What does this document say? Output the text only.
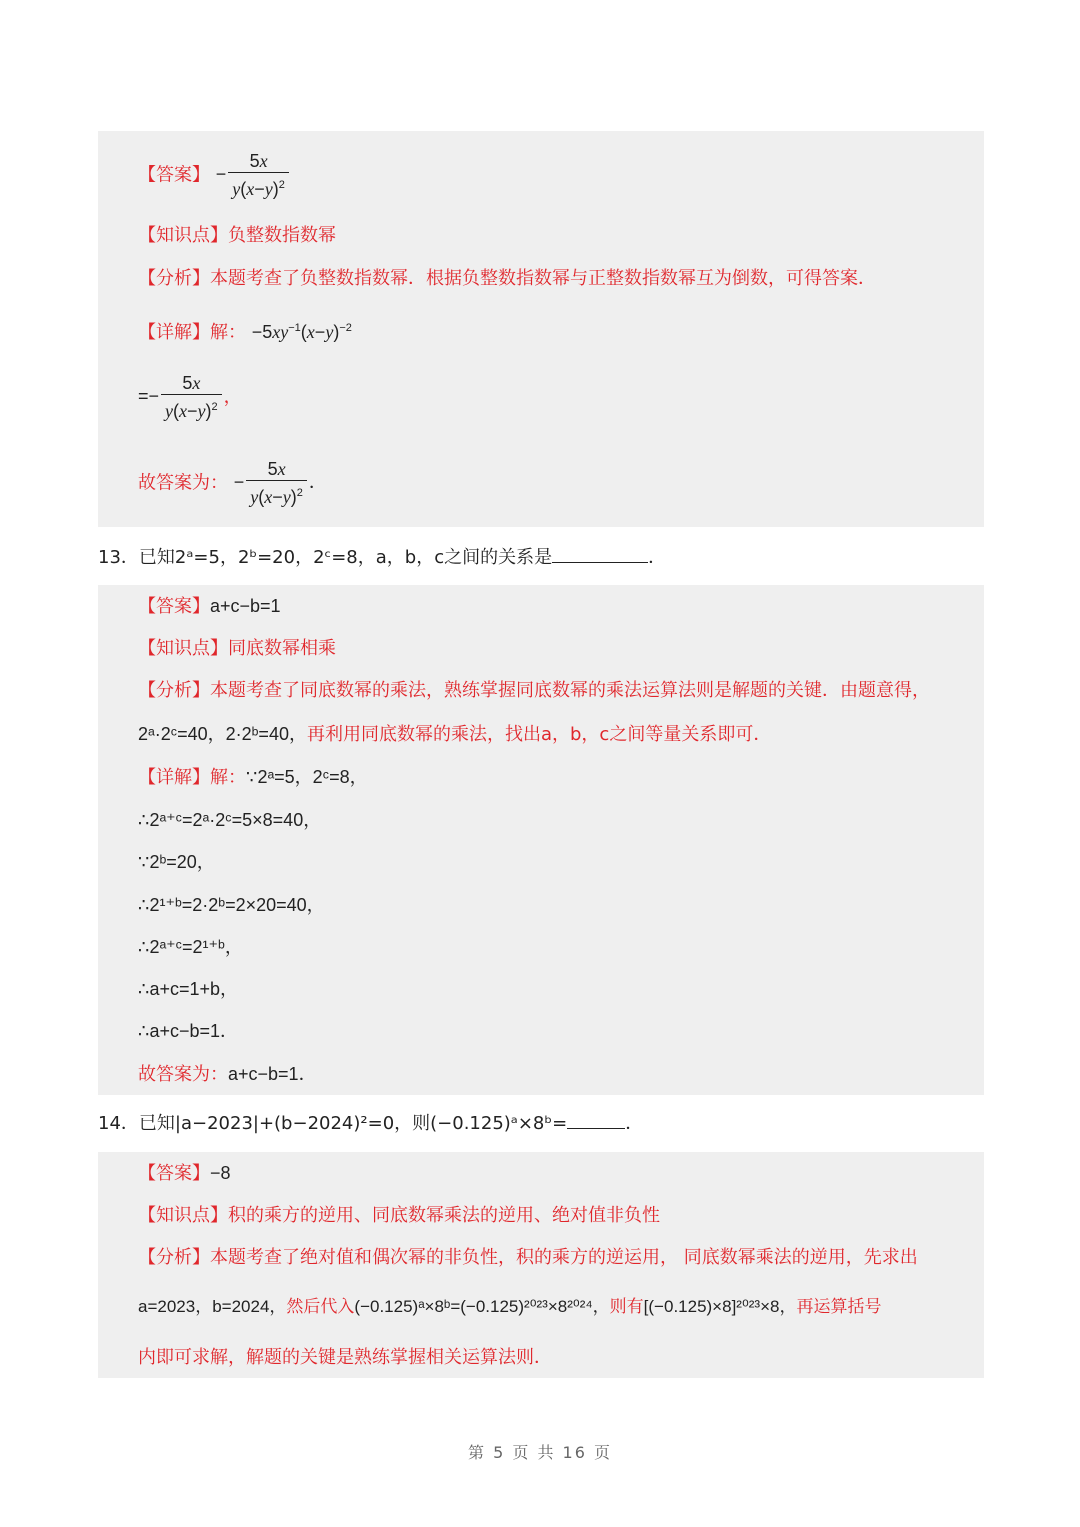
【答案】 − $\frac{5x}{y(x-y)^2}$
【知识点】负整数指数幂
【分析】本题考查了负整数指数幂．根据负整数指数幂与正整数指数幂互为倒数，可得答案．
【详解】解： $-5xy^{-1}(x-y)^{-2}$
=− $\frac{5x}{y(x-y)^2}$ ，
故答案为： − $\frac{5x}{y(x-y)^2}$ ．
13．已知2ᵃ=5，2ᵇ=20，2ᶜ=8，a，b，c之间的关系是	．
【答案】a+c−b=1
【知识点】同底数幂相乘
【分析】本题考查了同底数幂的乘法，熟练掌握同底数幂的乘法运算法则是解题的关键．由题意得，
2ᵃ·2ᶜ=40，2·2ᵇ=40，再利用同底数幂的乘法，找出a，b，c之间等量关系即可．
【详解】解：∵2ᵃ=5，2ᶜ=8，
∴2ᵃ⁺ᶜ=2ᵃ·2ᶜ=5×8=40，
∵2ᵇ=20，
∴2¹⁺ᵇ=2·2ᵇ=2×20=40，
∴2ᵃ⁺ᶜ=2¹⁺ᵇ，
∴a+c=1+b，
∴a+c−b=1．
故答案为：a+c−b=1．
14．已知|a−2023|+(b−2024)²=0，则(−0.125)ᵃ×8ᵇ=	．
【答案】−8
【知识点】积的乘方的逆用、同底数幂乘法的逆用、绝对值非负性
【分析】本题考查了绝对值和偶次幂的非负性，积的乘方的逆运用， 同底数幂乘法的逆用，先求出
a=2023，b=2024，然后代入(−0.125)ᵃ×8ᵇ=(−0.125)²⁰²³×8²⁰²⁴，则有[(−0.125)×8]²⁰²³×8，再运算括号
内即可求解，解题的关键是熟练掌握相关运算法则．
第 5 页 共 16 页
